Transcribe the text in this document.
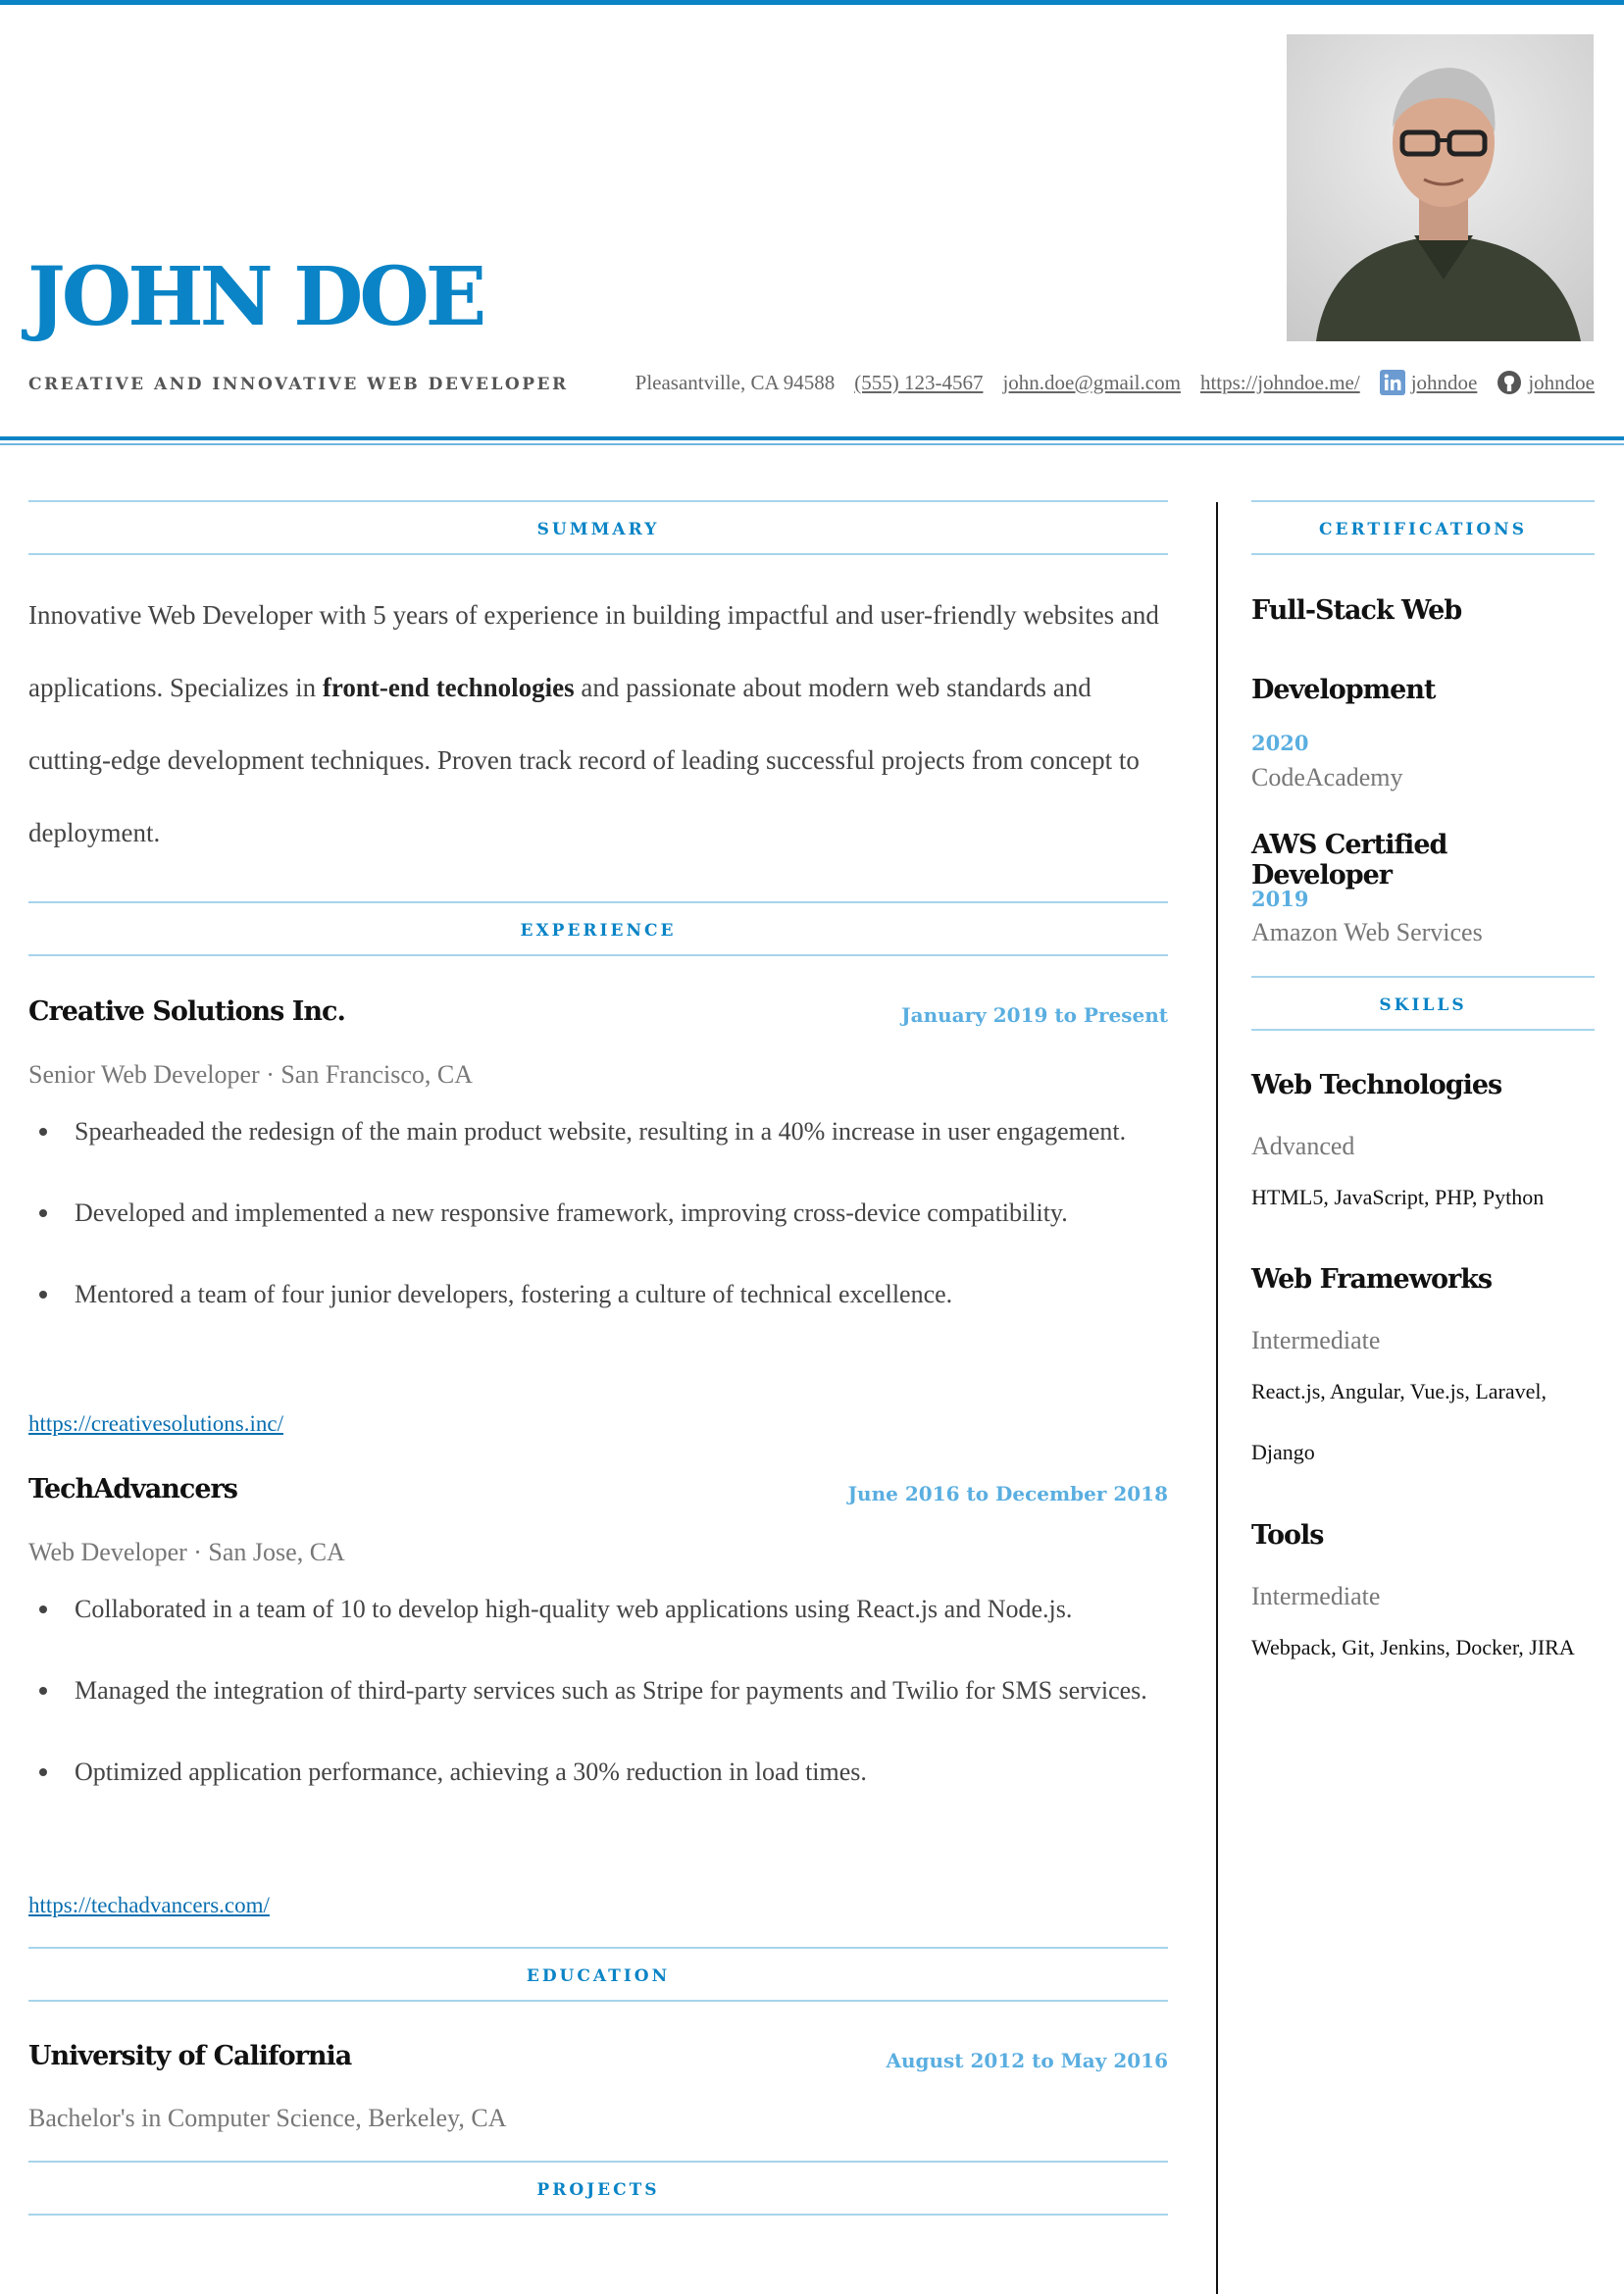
JOHN DOE
CREATIVE AND INNOVATIVE WEB DEVELOPER	Pleasantville, CA 94588 (555) 123-4567 john.doe@gmail.com https://johndoe.me/ johndoe johndoe
SUMMARY

Innovative Web Developer with 5 years of experience in building impactful and user-friendly websites and applications. Specializes in front-end technologies and passionate about modern web standards and cutting-edge development techniques. Proven track record of leading successful projects from concept to deployment.

EXPERIENCE
Creative Solutions Inc.	January 2019 to Present
Senior Web Developer · San Francisco, CA
Spearheaded the redesign of the main product website, resulting in a 40% increase in user engagement.
Developed and implemented a new responsive framework, improving cross-device compatibility.
Mentored a team of four junior developers, fostering a culture of technical excellence.
https://creativesolutions.inc/
TechAdvancers	June 2016 to December 2018
Web Developer · San Jose, CA
Collaborated in a team of 10 to develop high-quality web applications using React.js and Node.js.
Managed the integration of third-party services such as Stripe for payments and Twilio for SMS services.
Optimized application performance, achieving a 30% reduction in load times.
https://techadvancers.com/
EDUCATION
University of California	August 2012 to May 2016
Bachelor's in Computer Science, Berkeley, CA
PROJECTS
CERTIFICATIONS
Full-Stack Web Development
2020
CodeAcademy
AWS Certified Developer
2019
Amazon Web Services
SKILLS
Web Technologies
Advanced
HTML5, JavaScript, PHP, Python
Web Frameworks
Intermediate
React.js, Angular, Vue.js, Laravel, Django
Tools
Intermediate
Webpack, Git, Jenkins, Docker, JIRA
